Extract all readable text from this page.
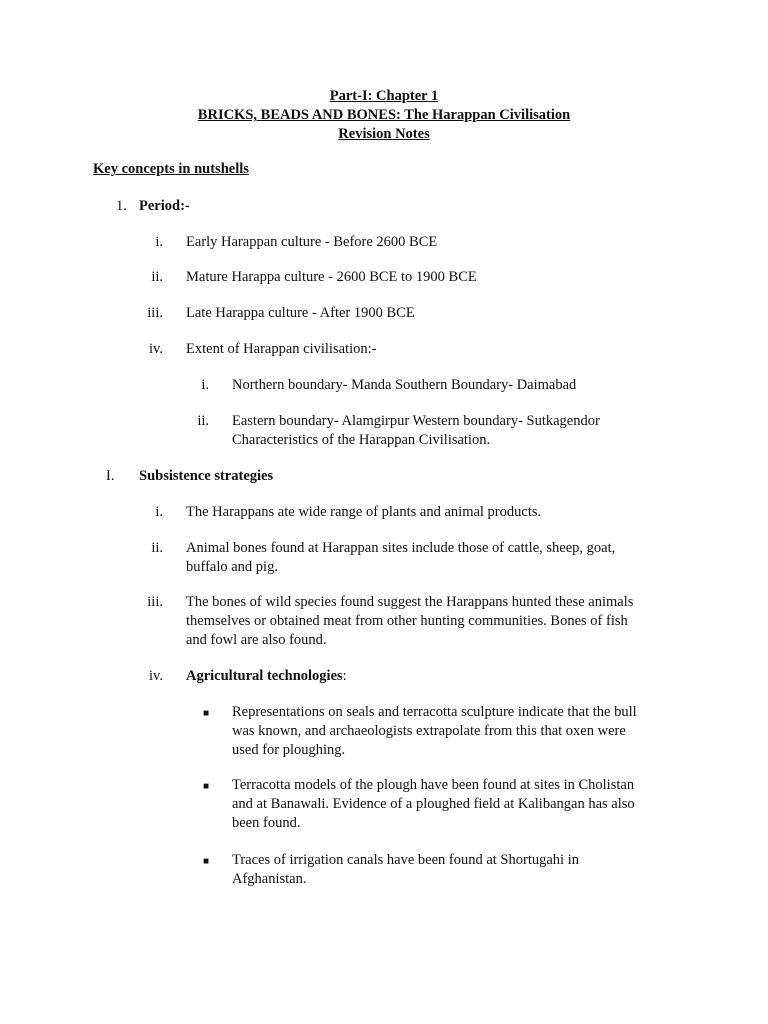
Part-I: Chapter 1
BRICKS, BEADS AND BONES: The Harappan Civilisation
Revision Notes
Key concepts in nutshells
1. Period:-
i. Early Harappan culture - Before 2600 BCE
ii. Mature Harappa culture - 2600 BCE to 1900 BCE
iii. Late Harappa culture - After 1900 BCE
iv. Extent of Harappan civilisation:-
i. Northern boundary- Manda Southern Boundary- Daimabad
ii. Eastern boundary- Alamgirpur Western boundary- Sutkagendor
Characteristics of the Harappan Civilisation.
I. Subsistence strategies
i. The Harappans ate wide range of plants and animal products.
ii. Animal bones found at Harappan sites include those of cattle, sheep, goat,
buffalo and pig.
iii. The bones of wild species found suggest the Harappans hunted these animals
themselves or obtained meat from other hunting communities. Bones of fish
and fowl are also found.
iv. Agricultural technologies:
■ Representations on seals and terracotta sculpture indicate that the bull
was known, and archaeologists extrapolate from this that oxen were
used for ploughing.
■ Terracotta models of the plough have been found at sites in Cholistan
and at Banawali. Evidence of a ploughed field at Kalibangan has also
been found.
■ Traces of irrigation canals have been found at Shortugahi in
Afghanistan.
